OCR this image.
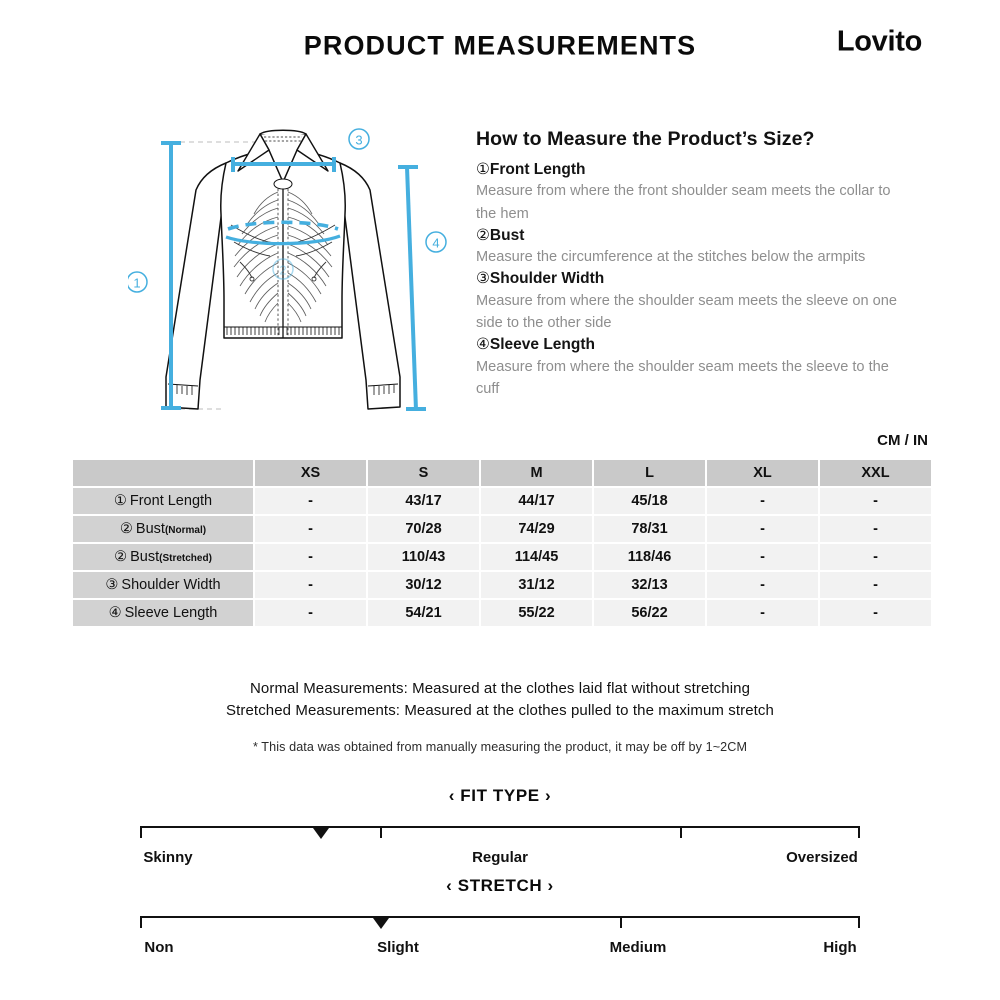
PRODUCT MEASUREMENTS	Lovito
1
3
2
4
How to Measure the Product’s Size?
①Front Length
Measure from where the front shoulder seam meets the collar to the hem
②Bust
Measure the circumference at the stitches below the armpits
③Shoulder Width
Measure from where the shoulder seam meets the sleeve on one side to the other side
④Sleeve Length
Measure from where the shoulder seam meets the sleeve to the cuff
CM / IN
	XS	S	M	L	XL	XXL
① Front Length	-	43/17	44/17	45/18	-	-
② Bust(Normal)	-	70/28	74/29	78/31	-	-
② Bust(Stretched)	-	110/43	114/45	118/46	-	-
③ Shoulder Width	-	30/12	31/12	32/13	-	-
④ Sleeve Length	-	54/21	55/22	56/22	-	-
Normal Measurements: Measured at the clothes laid flat without stretching
Stretched Measurements: Measured at the clothes pulled to the maximum stretch
* This data was obtained from manually measuring the product, it may be off by 1~2CM
‹ FIT TYPE ›
Skinny	Regular	Oversized
‹ STRETCH ›
Non	Slight	Medium	High
